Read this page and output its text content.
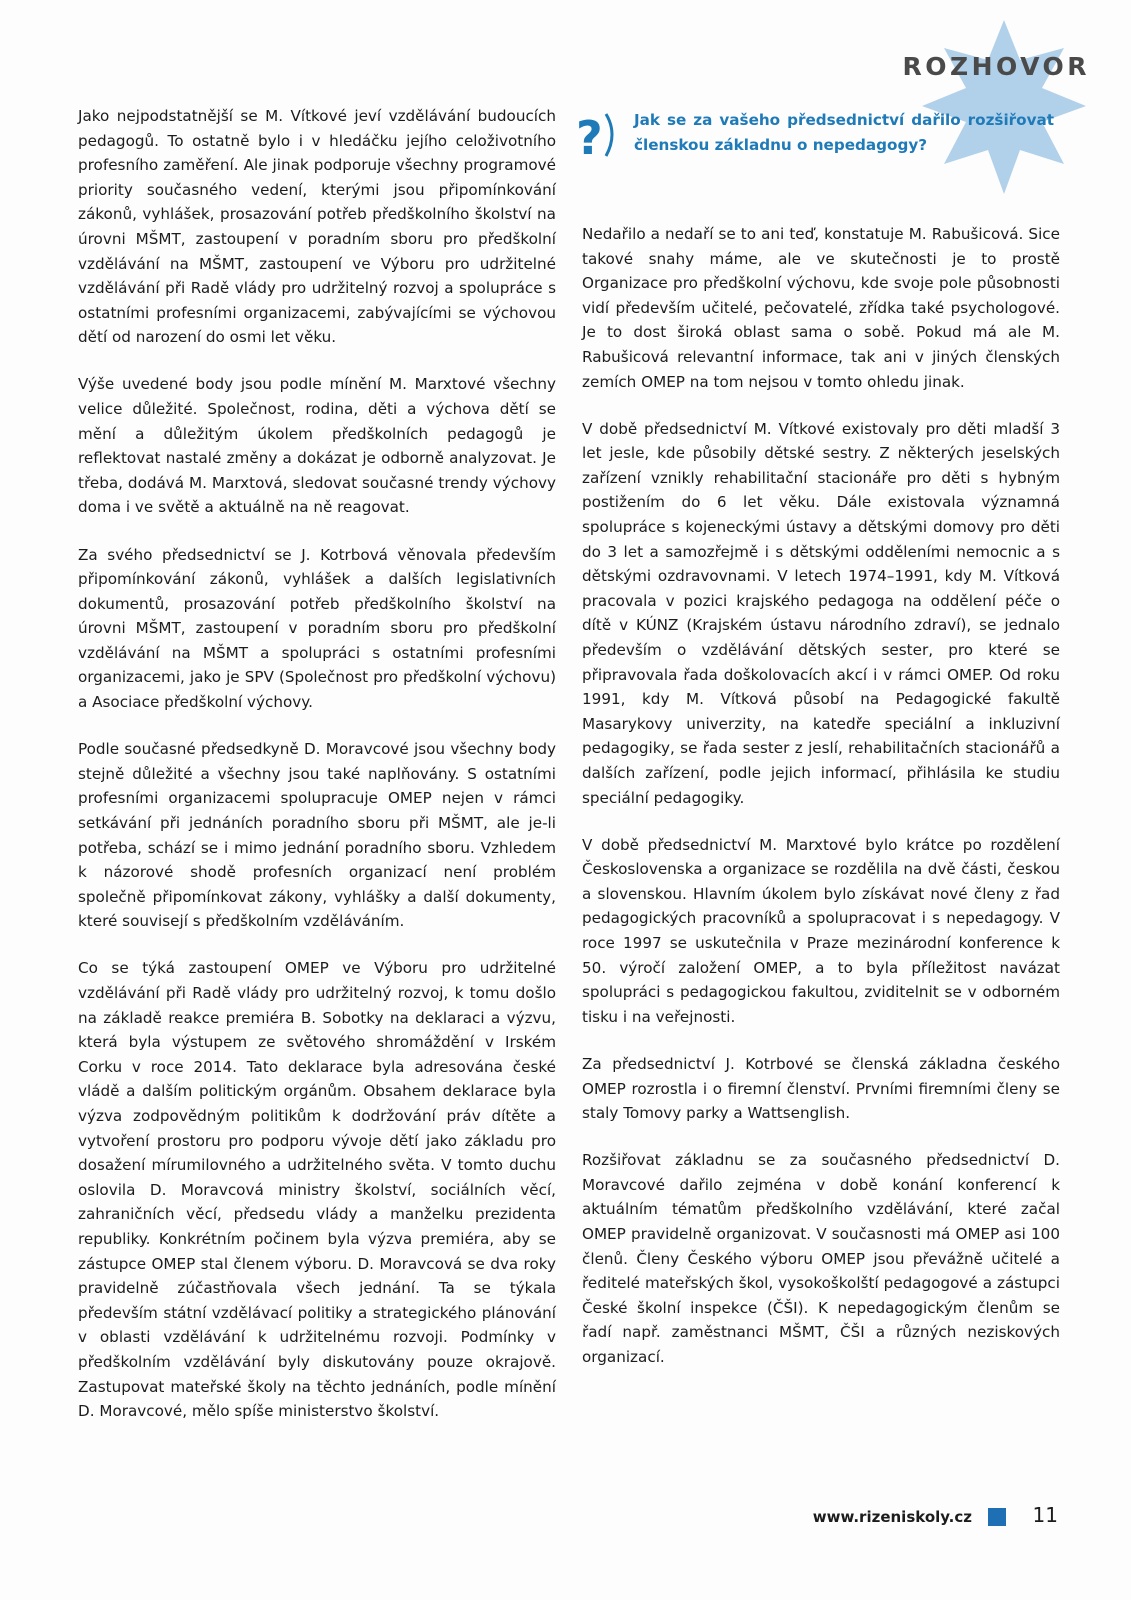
ROZHOVOR

Jako nejpodstatnější se M. Vítkové jeví vzdělávání budoucích pedagogů. To ostatně bylo i v hledáčku jejího celoživotního profesního zaměření. Ale jinak podporuje všechny programové priority současného vedení, kterými jsou připomínkování zákonů, vyhlášek, prosazování potřeb předškolního školství na úrovni MŠMT, zastoupení v poradním sboru pro předškolní vzdělávání na MŠMT, zastoupení ve Výboru pro udržitelné vzdělávání při Radě vlády pro udržitelný rozvoj a spolupráce s ostatními profesními organizacemi, zabývajícími se výchovou dětí od narození do osmi let věku.

Výše uvedené body jsou podle mínění M. Marxtové všechny velice důležité. Společnost, rodina, děti a výchova dětí se mění a důležitým úkolem předškolních pedagogů je reflektovat nastalé změny a dokázat je odborně analyzovat. Je třeba, dodává M. Marxtová, sledovat současné trendy výchovy doma i ve světě a aktuálně na ně reagovat.

Za svého předsednictví se J. Kotrbová věnovala především připomínkování zákonů, vyhlášek a dalších legislativních dokumentů, prosazování potřeb předškolního školství na úrovni MŠMT, zastoupení v poradním sboru pro předškolní vzdělávání na MŠMT a spolupráci s ostatními profesními organizacemi, jako je SPV (Společnost pro předškolní výchovu) a Asociace předškolní výchovy.

Podle současné předsedkyně D. Moravcové jsou všechny body stejně důležité a všechny jsou také naplňovány. S ostatními profesními organizacemi spolupracuje OMEP nejen v rámci setkávání při jednáních poradního sboru při MŠMT, ale je-li potřeba, schází se i mimo jednání poradního sboru. Vzhledem k názorové shodě profesních organizací není problém společně připomínkovat zákony, vyhlášky a další dokumenty, které souvisejí s předškolním vzděláváním.

Co se týká zastoupení OMEP ve Výboru pro udržitelné vzdělávání při Radě vlády pro udržitelný rozvoj, k tomu došlo na základě reakce premiéra B. Sobotky na deklaraci a výzvu, která byla výstupem ze světového shromáždění v Irském Corku v roce 2014. Tato deklarace byla adresována české vládě a dalším politickým orgánům. Obsahem deklarace byla výzva zodpovědným politikům k dodržování práv dítěte a vytvoření prostoru pro podporu vývoje dětí jako základu pro dosažení mírumilovného a udržitelného světa. V tomto duchu oslovila D. Moravcová ministry školství, sociálních věcí, zahraničních věcí, předsedu vlády a manželku prezidenta republiky. Konkrétním počinem byla výzva premiéra, aby se zástupce OMEP stal členem výboru. D. Moravcová se dva roky pravidelně zúčastňovala všech jednání. Ta se týkala především státní vzdělávací politiky a strategického plánování v oblasti vzdělávání k udržitelnému rozvoji. Podmínky v předškolním vzdělávání byly diskutovány pouze okrajově. Zastupovat mateřské školy na těchto jednáních, podle mínění D. Moravcové, mělo spíše ministerstvo školství.

? Jak se za vašeho předsednictví dařilo rozšiřovat členskou základnu o nepedagogy?

Nedařilo a nedaří se to ani teď, konstatuje M. Rabušicová. Sice takové snahy máme, ale ve skutečnosti je to prostě Organizace pro předškolní výchovu, kde svoje pole působnosti vidí především učitelé, pečovatelé, zřídka také psychologové. Je to dost široká oblast sama o sobě. Pokud má ale M. Rabušicová relevantní informace, tak ani v jiných členských zemích OMEP na tom nejsou v tomto ohledu jinak.

V době předsednictví M. Vítkové existovaly pro děti mladší 3 let jesle, kde působily dětské sestry. Z některých jeselských zařízení vznikly rehabilitační stacionáře pro děti s hybným postižením do 6 let věku. Dále existovala významná spolupráce s kojeneckými ústavy a dětskými domovy pro děti do 3 let a samozřejmě i s dětskými odděleními nemocnic a s dětskými ozdravovnami. V letech 1974–1991, kdy M. Vítková pracovala v pozici krajského pedagoga na oddělení péče o dítě v KÚNZ (Krajském ústavu národního zdraví), se jednalo především o vzdělávání dětských sester, pro které se připravovala řada doškolovacích akcí i v rámci OMEP. Od roku 1991, kdy M. Vítková působí na Pedagogické fakultě Masarykovy univerzity, na katedře speciální a inkluzivní pedagogiky, se řada sester z jeslí, rehabilitačních stacionářů a dalších zařízení, podle jejich informací, přihlásila ke studiu speciální pedagogiky.

V době předsednictví M. Marxtové bylo krátce po rozdělení Československa a organizace se rozdělila na dvě části, českou a slovenskou. Hlavním úkolem bylo získávat nové členy z řad pedagogických pracovníků a spolupracovat i s nepedagogy. V roce 1997 se uskutečnila v Praze mezinárodní konference k 50. výročí založení OMEP, a to byla příležitost navázat spolupráci s pedagogickou fakultou, zviditelnit se v odborném tisku i na veřejnosti.

Za předsednictví J. Kotrbové se členská základna českého OMEP rozrostla i o firemní členství. Prvními firemními členy se staly Tomovy parky a Wattsenglish.

Rozšiřovat základnu se za současného předsednictví D. Moravcové dařilo zejména v době konání konferencí k aktuálním tématům předškolního vzdělávání, které začal OMEP pravidelně organizovat. V současnosti má OMEP asi 100 členů. Členy Českého výboru OMEP jsou převážně učitelé a ředitelé mateřských škol, vysokoškolští pedagogové a zástupci České školní inspekce (ČŠI). K nepedagogickým členům se řadí např. zaměstnanci MŠMT, ČŠI a různých neziskových organizací.

www.rizeniskoly.cz	11
